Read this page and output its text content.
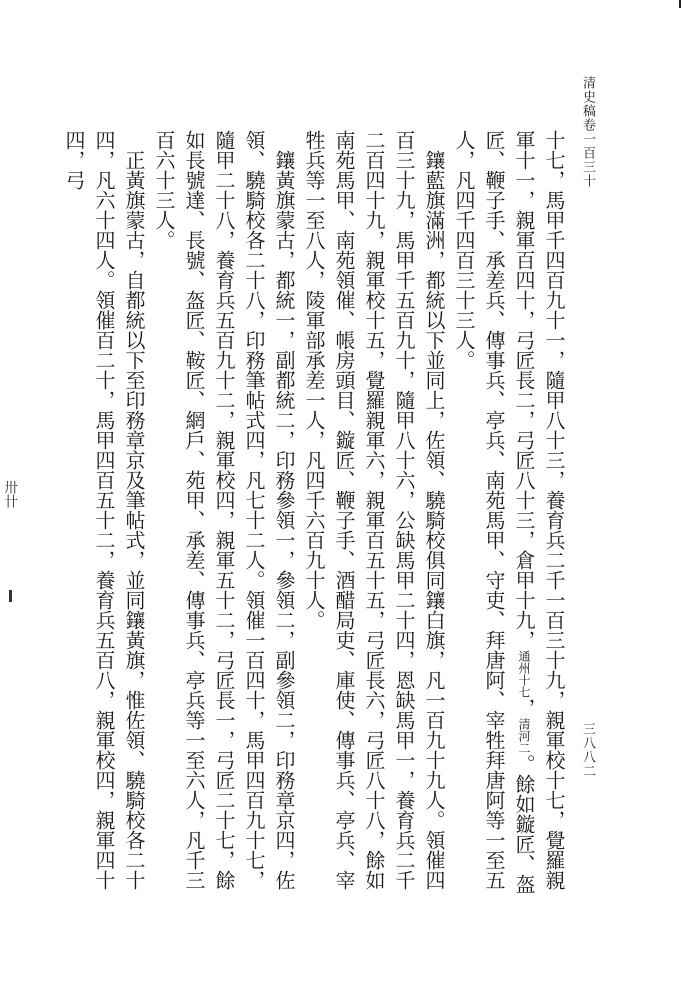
清史稿卷一百三十
三八八二

十七，馬甲千四百九十一，隨甲八十三，養育兵二千一百三十九，親軍校十七，覺羅親軍十一，親軍百四十，弓匠長二，弓匠八十三，倉甲十九，通州十七，清河二。餘如鏇匠、盔匠、鞭子手、承差兵、傳事兵、亭兵、南苑馬甲、守吏、拜唐阿、宰牲拜唐阿等一至五人，凡四千四百三十三人。

鑲藍旗滿洲，都統以下並同上，佐領、驍騎校俱同鑲白旗，凡一百九十九人。領催四百三十九，馬甲千五百九十，隨甲八十六，公缺馬甲二十四，恩缺馬甲一，養育兵二千二百四十九，親軍校十五，覺羅親軍六，親軍百五十五，弓匠長六，弓匠八十八，餘如南苑馬甲、南苑領催、帳房頭目、鏇匠、鞭子手、酒醋局吏、庫使、傳事兵、亭兵、宰牲兵等一至八人，陵軍部承差一人，凡四千六百九十人。

鑲黃旗蒙古，都統一，副都統二，印務參領一，參領二，副參領二，印務章京四，佐領、驍騎校各二十八，印務筆帖式四，凡七十二人。領催一百四十，馬甲四百九十七，隨甲二十八，養育兵五百九十二，親軍校四，親軍五十二，弓匠長一，弓匠二十七，餘如長號達、長號、盔匠、鞍匠、網戶、苑甲、承差、傳事兵、亭兵等一至六人，凡千三百六十三人。

正黃旗蒙古，自都統以下至印務章京及筆帖式，並同鑲黃旗，惟佐領、驍騎校各二十四，凡六十四人。領催百二十，馬甲四百五十二，養育兵五百八，親軍校四，親軍四十四，弓

卅卄
